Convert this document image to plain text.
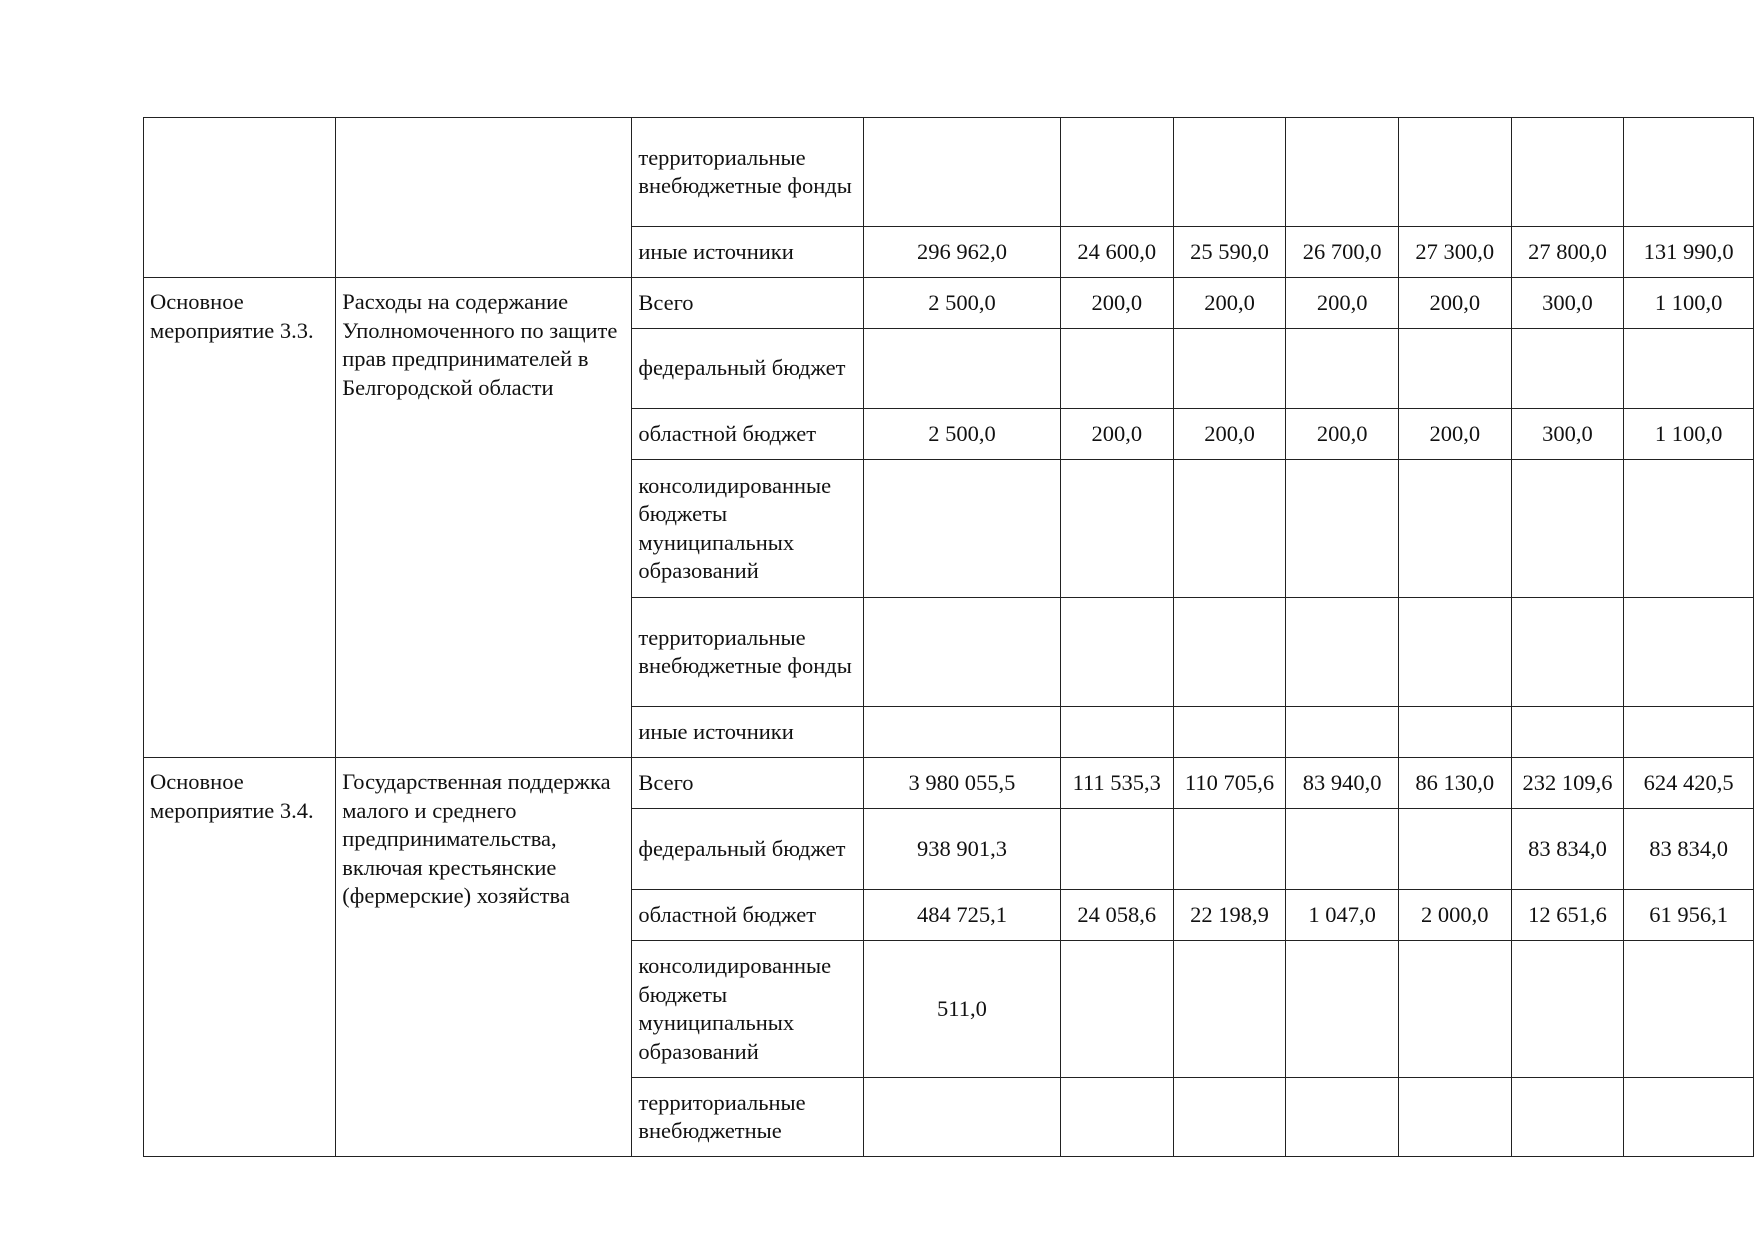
		территориальные внебюджетные фонды							
		иные источники	296 962,0	24 600,0	25 590,0	26 700,0	27 300,0	27 800,0	131 990,0
Основное мероприятие 3.3.	Расходы на содержание Уполномоченного по защите прав предпринимателей в Белгородской области	Всего	2 500,0	200,0	200,0	200,0	200,0	300,0	1 100,0
		федеральный бюджет							
		областной бюджет	2 500,0	200,0	200,0	200,0	200,0	300,0	1 100,0
		консолидированные бюджеты муниципальных образований							
		территориальные внебюджетные фонды							
		иные источники							
Основное мероприятие 3.4.	Государственная поддержка малого и среднего предпринимательства, включая крестьянские (фермерские) хозяйства	Всего	3 980 055,5	111 535,3	110 705,6	83 940,0	86 130,0	232 109,6	624 420,5
		федеральный бюджет	938 901,3					83 834,0	83 834,0
		областной бюджет	484 725,1	24 058,6	22 198,9	1 047,0	2 000,0	12 651,6	61 956,1
		консолидированные бюджеты муниципальных образований	511,0						
		территориальные внебюджетные							
